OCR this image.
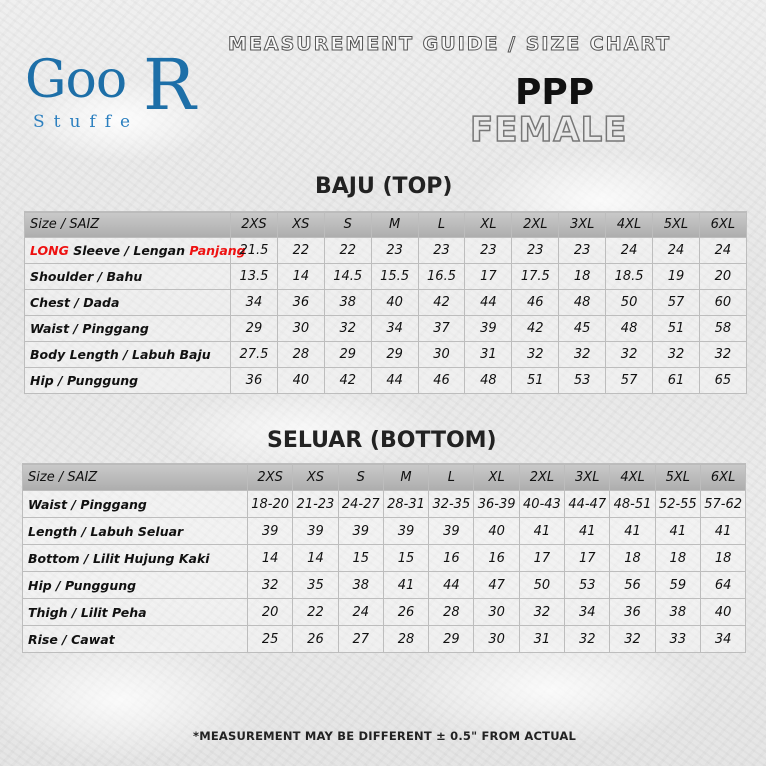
MEASUREMENT GUIDE / SIZE CHART
Goo R
Stuffe
PPP
FEMALE
BAJU (TOP)
Size / SAIZ	2XS	XS	S	M	L	XL	2XL	3XL	4XL	5XL	6XL
LONG Sleeve / Lengan Panjang	21.5	22	22	23	23	23	23	23	24	24	24
Shoulder / Bahu	13.5	14	14.5	15.5	16.5	17	17.5	18	18.5	19	20
Chest / Dada	34	36	38	40	42	44	46	48	50	57	60
Waist / Pinggang	29	30	32	34	37	39	42	45	48	51	58
Body Length / Labuh Baju	27.5	28	29	29	30	31	32	32	32	32	32
Hip / Punggung	36	40	42	44	46	48	51	53	57	61	65
SELUAR (BOTTOM)
Size / SAIZ	2XS	XS	S	M	L	XL	2XL	3XL	4XL	5XL	6XL
Waist / Pinggang	18-20	21-23	24-27	28-31	32-35	36-39	40-43	44-47	48-51	52-55	57-62
Length / Labuh Seluar	39	39	39	39	39	40	41	41	41	41	41
Bottom / Lilit Hujung Kaki	14	14	15	15	16	16	17	17	18	18	18
Hip / Punggung	32	35	38	41	44	47	50	53	56	59	64
Thigh / Lilit Peha	20	22	24	26	28	30	32	34	36	38	40
Rise / Cawat	25	26	27	28	29	30	31	32	32	33	34
*MEASUREMENT MAY BE DIFFERENT ± 0.5" FROM ACTUAL
